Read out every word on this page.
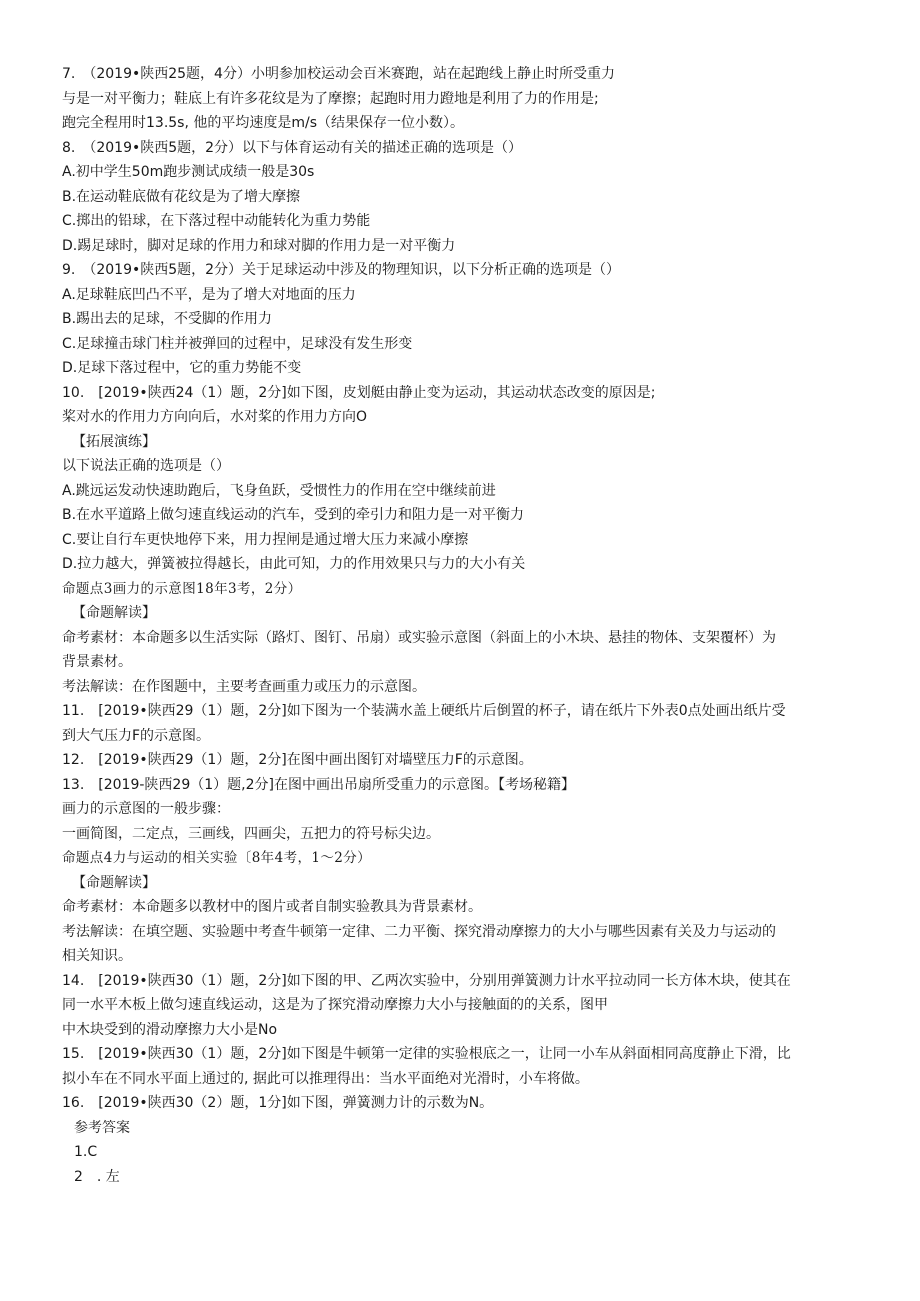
7.　（2019•陕西25题，4分）小明参加校运动会百米赛跑，站在起跑线上静止时所受重力
与是一对平衡力；鞋底上有许多花纹是为了摩擦；起跑时用力蹬地是利用了力的作用是;
跑完全程用时13.5s, 他的平均速度是m/s（结果保存一位小数）。
8.　（2019•陕西5题，2分）以下与体育运动有关的描述正确的选项是（）
A.初中学生50m跑步测试成绩一般是30s
B.在运动鞋底做有花纹是为了增大摩擦
C.掷出的铅球，在下落过程中动能转化为重力势能
D.踢足球时，脚对足球的作用力和球对脚的作用力是一对平衡力
9.　（2019•陕西5题，2分）关于足球运动中涉及的物理知识，以下分析正确的选项是（）
A.足球鞋底凹凸不平，是为了增大对地面的压力
B.踢出去的足球，不受脚的作用力
C.足球撞击球门柱并被弹回的过程中，足球没有发生形变
D.足球下落过程中，它的重力势能不变
10.　[2019•陕西24（1）题，2分]如下图，皮划艇由静止变为运动，其运动状态改变的原因是;
桨对水的作用力方向向后，水对桨的作用力方向O
【拓展演练】
以下说法正确的选项是（）
A.跳远运发动快速助跑后，飞身鱼跃，受惯性力的作用在空中继续前进
B.在水平道路上做匀速直线运动的汽车，受到的牵引力和阻力是一对平衡力
C.要让自行车更快地停下来，用力捏闸是通过增大压力来减小摩擦
D.拉力越大，弹簧被拉得越长，由此可知，力的作用效果只与力的大小有关
命题点3画力的示意图18年3考，2分）
【命题解读】
命考素材：本命题多以生活实际（路灯、图钉、吊扇）或实验示意图（斜面上的小木块、悬挂的物体、支架覆杯）为
背景素材。
考法解读：在作图题中，主要考查画重力或压力的示意图。
11.　[2019•陕西29（1）题，2分]如下图为一个装满水盖上硬纸片后倒置的杯子，请在纸片下外表0点处画出纸片受
到大气压力F的示意图。
12.　[2019•陕西29（1）题，2分]在图中画出图钉对墙壁压力F的示意图。
13.　[2019-陕西29（1）题,2分]在图中画出吊扇所受重力的示意图。【考场秘籍】
画力的示意图的一般步骤：
一画简图，二定点，三画线，四画尖，五把力的符号标尖边。
命题点4力与运动的相关实验〔8年4考，1～2分）
【命题解读】
命考素材：本命题多以教材中的图片或者自制实验教具为背景素材。
考法解读：在填空题、实验题中考查牛顿第一定律、二力平衡、探究滑动摩擦力的大小与哪些因素有关及力与运动的
相关知识。
14.　[2019•陕西30（1）题，2分]如下图的甲、乙两次实验中，分别用弹簧测力计水平拉动同一长方体木块，使其在
同一水平木板上做匀速直线运动，这是为了探究滑动摩擦力大小与接触面的的关系，图甲
中木块受到的滑动摩擦力大小是No
15.　[2019•陕西30（1）题，2分]如下图是牛顿第一定律的实验根底之一，让同一小车从斜面相同高度静止下滑，比
拟小车在不同水平面上通过的, 据此可以推理得出：当水平面绝对光滑时，小车将做。
16.　[2019•陕西30（2）题，1分]如下图，弹簧测力计的示数为N。
参考答案
1.C
2　. 左
